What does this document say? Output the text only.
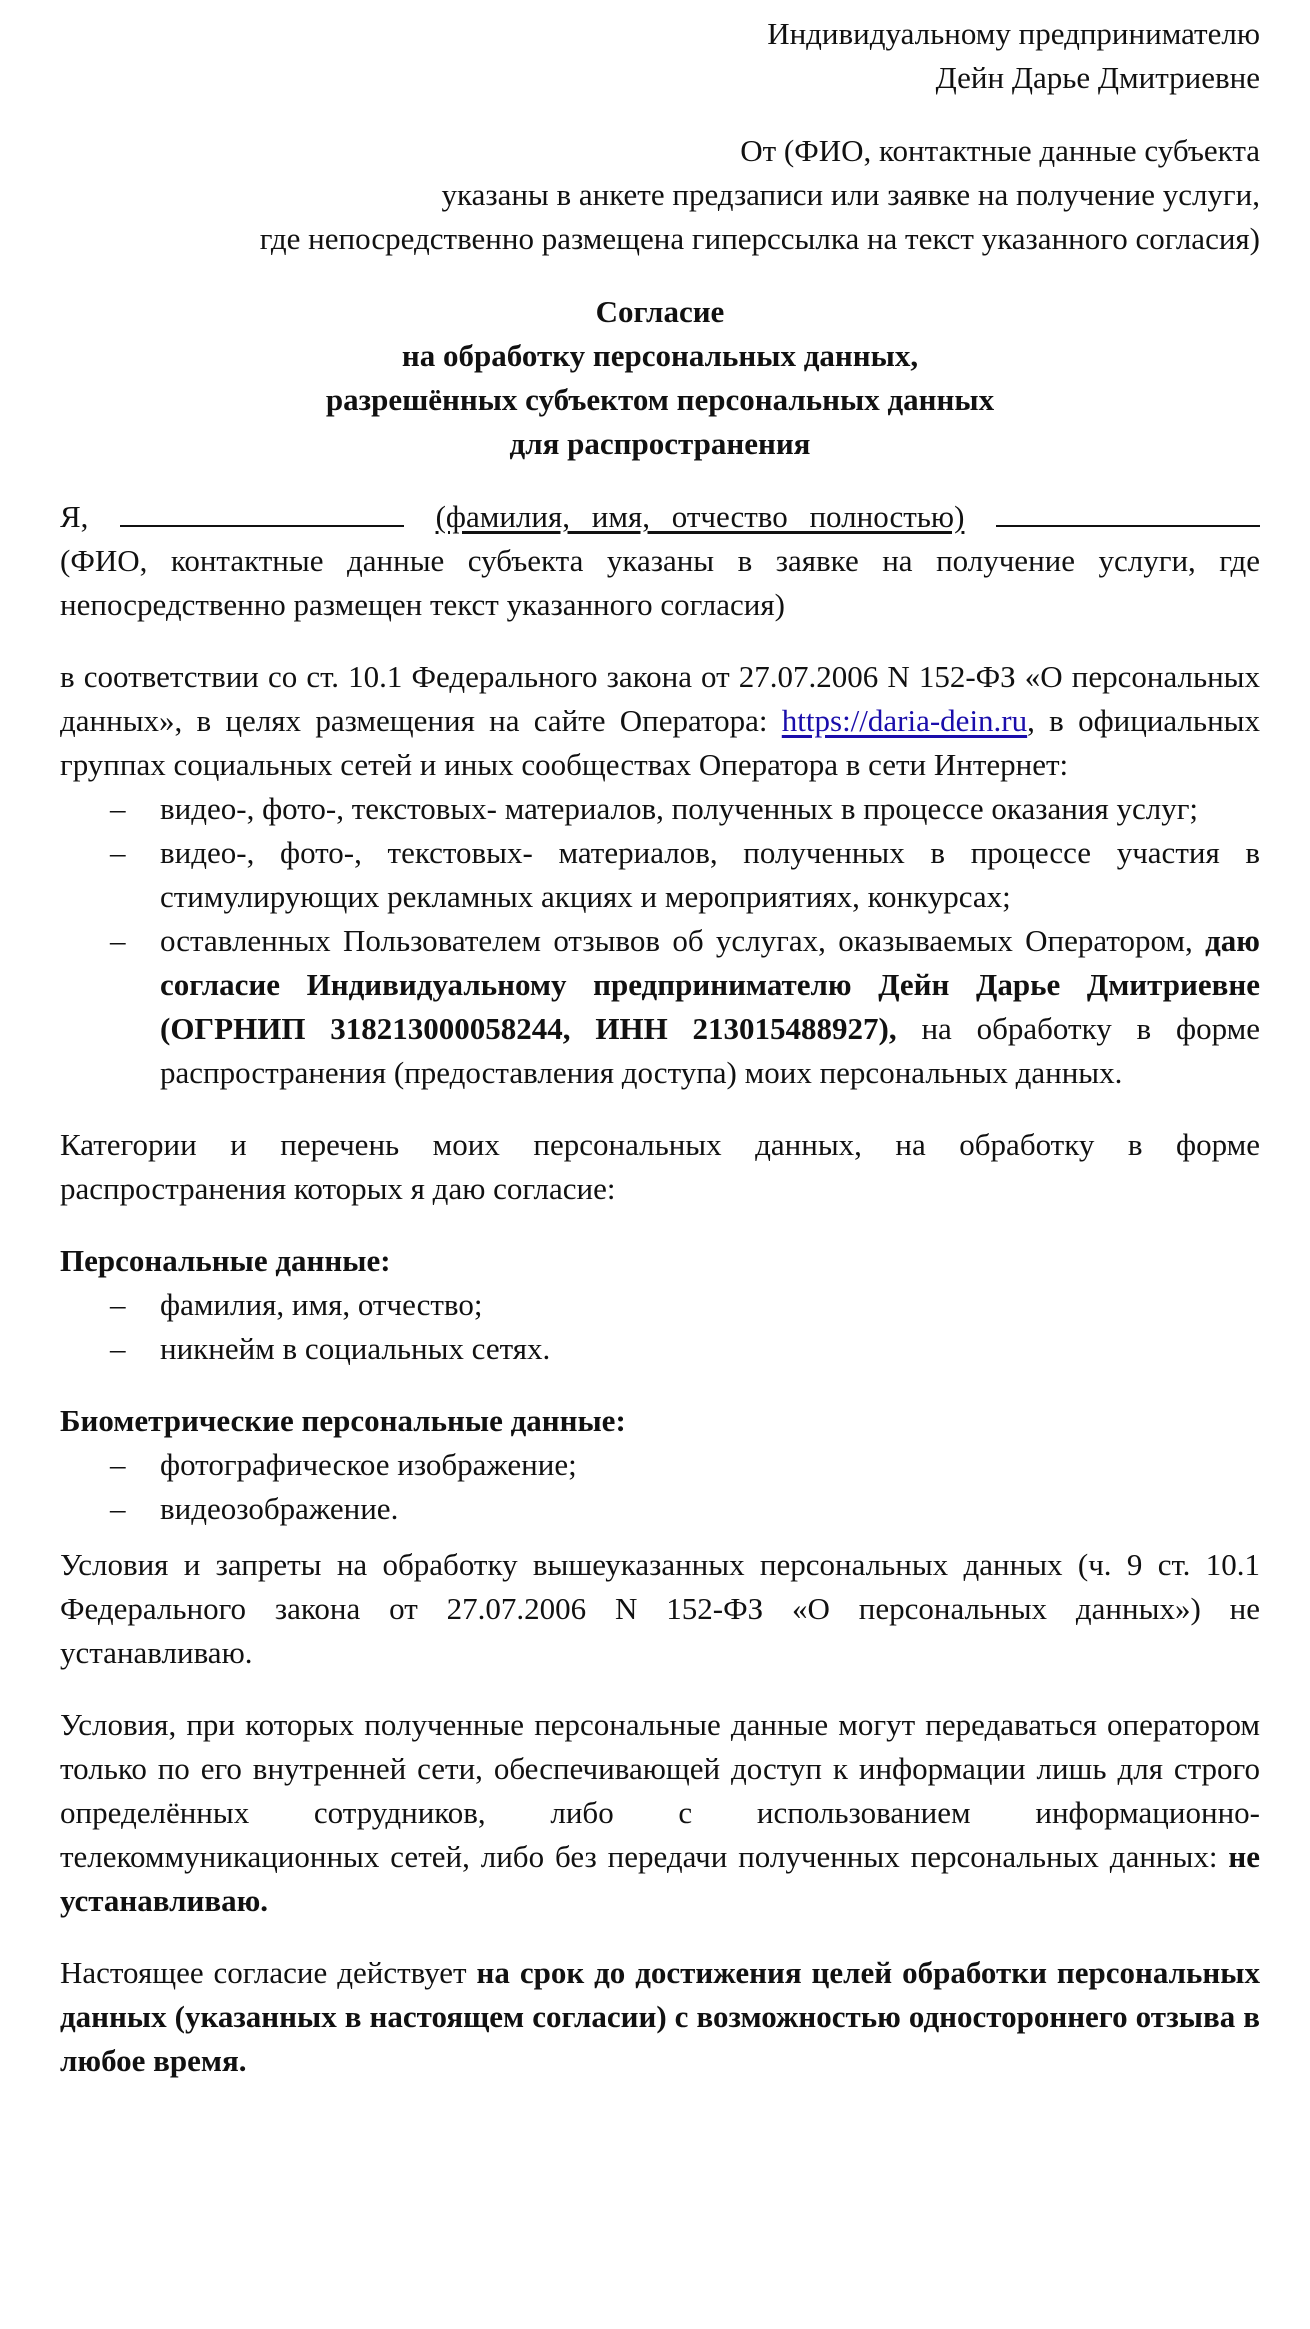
Индивидуальному предпринимателю
Дейн Дарье Дмитриевне
От (ФИО, контактные данные субъекта
указаны в анкете предзаписи или заявке на получение услуги,
где непосредственно размещена гиперссылка на текст указанного согласия)
Согласие
на обработку персональных данных,
разрешённых субъектом персональных данных
для распространения
Я,	(фамилия, имя, отчество полностью)
(ФИО, контактные данные субъекта указаны в заявке на получение услуги, где непосредственно размещен текст указанного согласия)
в соответствии со ст. 10.1 Федерального закона от 27.07.2006 N 152-ФЗ «О персональных данных», в целях размещения на сайте Оператора: https://daria-dein.ru, в официальных группах социальных сетей и иных сообществах Оператора в сети Интернет:
– видео-, фото-, текстовых- материалов, полученных в процессе оказания услуг;
– видео-, фото-, текстовых- материалов, полученных в процессе участия в стимулирующих рекламных акциях и мероприятиях, конкурсах;
– оставленных Пользователем отзывов об услугах, оказываемых Оператором, даю согласие Индивидуальному предпринимателю Дейн Дарье Дмитриевне (ОГРНИП 318213000058244, ИНН 213015488927), на обработку в форме распространения (предоставления доступа) моих персональных данных.
Категории и перечень моих персональных данных, на обработку в форме распространения которых я даю согласие:
Персональные данные:
– фамилия, имя, отчество;
– никнейм в социальных сетях.
Биометрические персональные данные:
– фотографическое изображение;
– видеозображение.
Условия и запреты на обработку вышеуказанных персональных данных (ч. 9 ст. 10.1 Федерального закона от 27.07.2006 N 152-ФЗ «О персональных данных») не устанавливаю.
Условия, при которых полученные персональные данные могут передаваться оператором только по его внутренней сети, обеспечивающей доступ к информации лишь для строго определённых сотрудников, либо с использованием информационно-телекоммуникационных сетей, либо без передачи полученных персональных данных: не устанавливаю.
Настоящее согласие действует на срок до достижения целей обработки персональных данных (указанных в настоящем согласии) с возможностью одностороннего отзыва в любое время.
